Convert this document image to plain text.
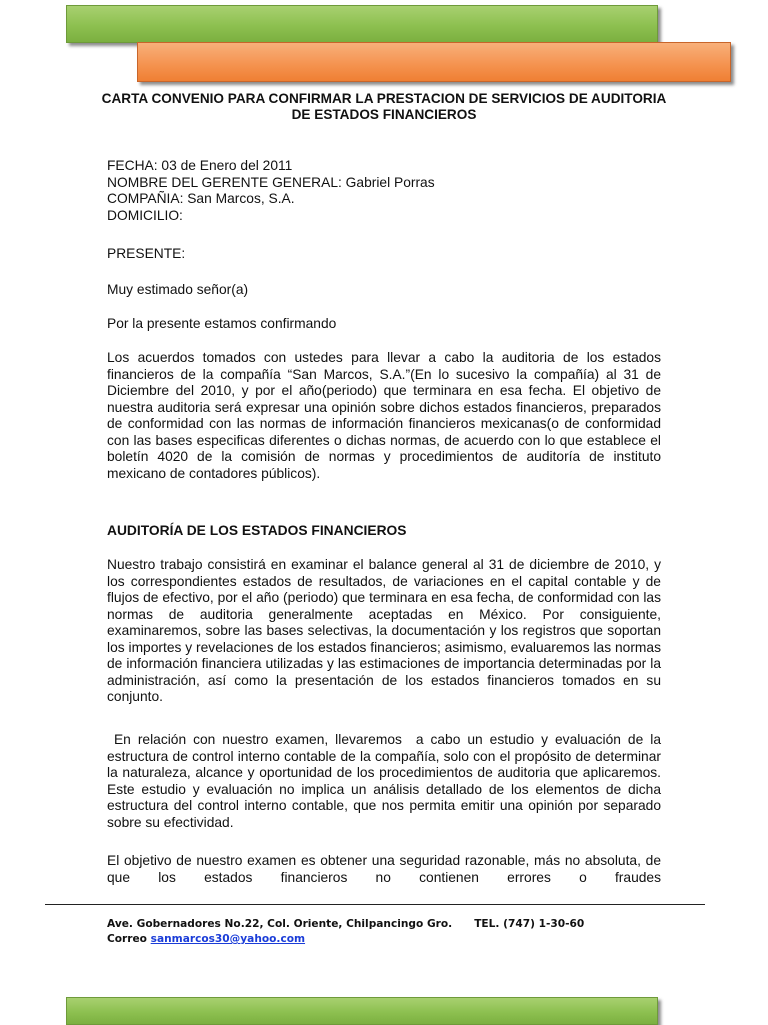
CARTA CONVENIO PARA CONFIRMAR LA PRESTACION DE SERVICIOS DE AUDITORIA DE ESTADOS FINANCIEROS
FECHA: 03 de Enero del 2011
NOMBRE DEL GERENTE GENERAL: Gabriel Porras
COMPAÑIA: San Marcos, S.A.
DOMICILIO:
PRESENTE:
Muy estimado señor(a)
Por la presente estamos confirmando

Los acuerdos tomados con ustedes para llevar a cabo la auditoria de los estados financieros de la compañía “San Marcos, S.A.”(En lo sucesivo la compañía) al 31 de Diciembre del 2010, y por el año(periodo) que terminara en esa fecha. El objetivo de nuestra auditoria será expresar una opinión sobre dichos estados financieros, preparados de conformidad con las normas de información financieros mexicanas(o de conformidad con las bases especificas diferentes o dichas normas, de acuerdo con lo que establece el boletín 4020 de la comisión de normas y procedimientos de auditoría de instituto mexicano de contadores públicos).

AUDITORÍA DE LOS ESTADOS FINANCIEROS

Nuestro trabajo consistirá en examinar el balance general al 31 de diciembre de 2010, y los correspondientes estados de resultados, de variaciones en el capital contable y de flujos de efectivo, por el año (periodo) que terminara en esa fecha, de conformidad con las normas de auditoria generalmente aceptadas en México. Por consiguiente, examinaremos, sobre las bases selectivas, la documentación y los registros que soportan los importes y revelaciones de los estados financieros; asimismo, evaluaremos las normas de información financiera utilizadas y las estimaciones de importancia determinadas por la administración, así como la presentación de los estados financieros tomados en su conjunto.

En relación con nuestro examen, llevaremos  a cabo un estudio y evaluación de la estructura de control interno contable de la compañía, solo con el propósito de determinar la naturaleza, alcance y oportunidad de los procedimientos de auditoria que aplicaremos. Este estudio y evaluación no implica un análisis detallado de los elementos de dicha estructura del control interno contable, que nos permita emitir una opinión por separado sobre su efectividad.

El objetivo de nuestro examen es obtener una seguridad razonable, más no absoluta, de que los estados financieros no contienen errores o fraudes

Ave. Gobernadores No.22, Col. Oriente, Chilpancingo Gro. TEL. (747) 1-30-60
Correo sanmarcos30@yahoo.com
